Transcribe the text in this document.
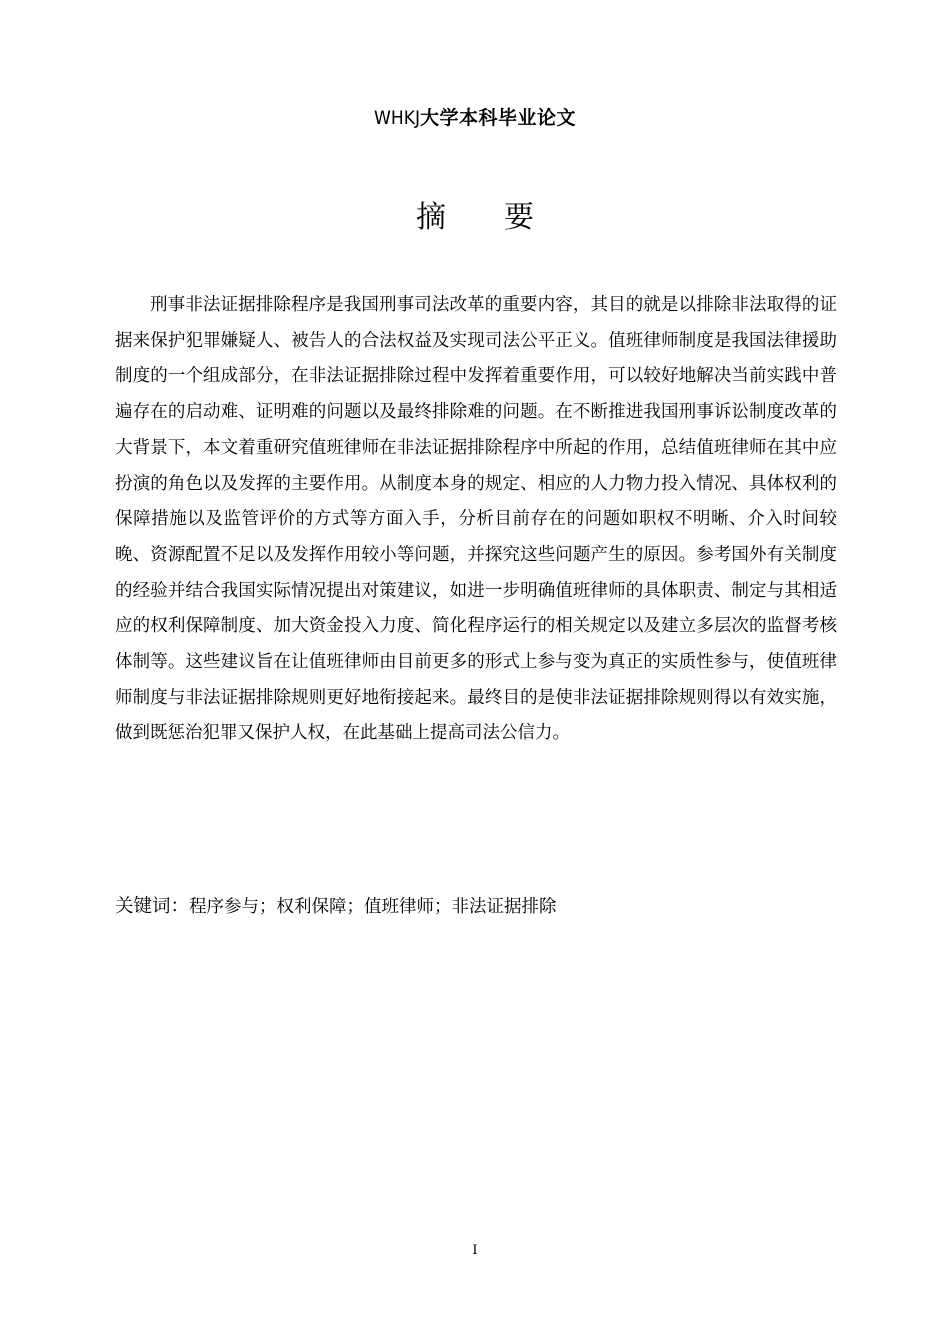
WHKJ大学本科毕业论文
摘要

刑事非法证据排除程序是我国刑事司法改革的重要内容，其目的就是以排除非法取得的证据来保护犯罪嫌疑人、被告人的合法权益及实现司法公平正义。值班律师制度是我国法律援助制度的一个组成部分，在非法证据排除过程中发挥着重要作用，可以较好地解决当前实践中普遍存在的启动难、证明难的问题以及最终排除难的问题。在不断推进我国刑事诉讼制度改革的大背景下，本文着重研究值班律师在非法证据排除程序中所起的作用，总结值班律师在其中应扮演的角色以及发挥的主要作用。从制度本身的规定、相应的人力物力投入情况、具体权利的保障措施以及监管评价的方式等方面入手，分析目前存在的问题如职权不明晰、介入时间较晚、资源配置不足以及发挥作用较小等问题，并探究这些问题产生的原因。参考国外有关制度的经验并结合我国实际情况提出对策建议，如进一步明确值班律师的具体职责、制定与其相适应的权利保障制度、加大资金投入力度、简化程序运行的相关规定以及建立多层次的监督考核体制等。这些建议旨在让值班律师由目前更多的形式上参与变为真正的实质性参与，使值班律师制度与非法证据排除规则更好地衔接起来。最终目的是使非法证据排除规则得以有效实施，做到既惩治犯罪又保护人权，在此基础上提高司法公信力。

关键词：程序参与；权利保障；值班律师；非法证据排除
I
